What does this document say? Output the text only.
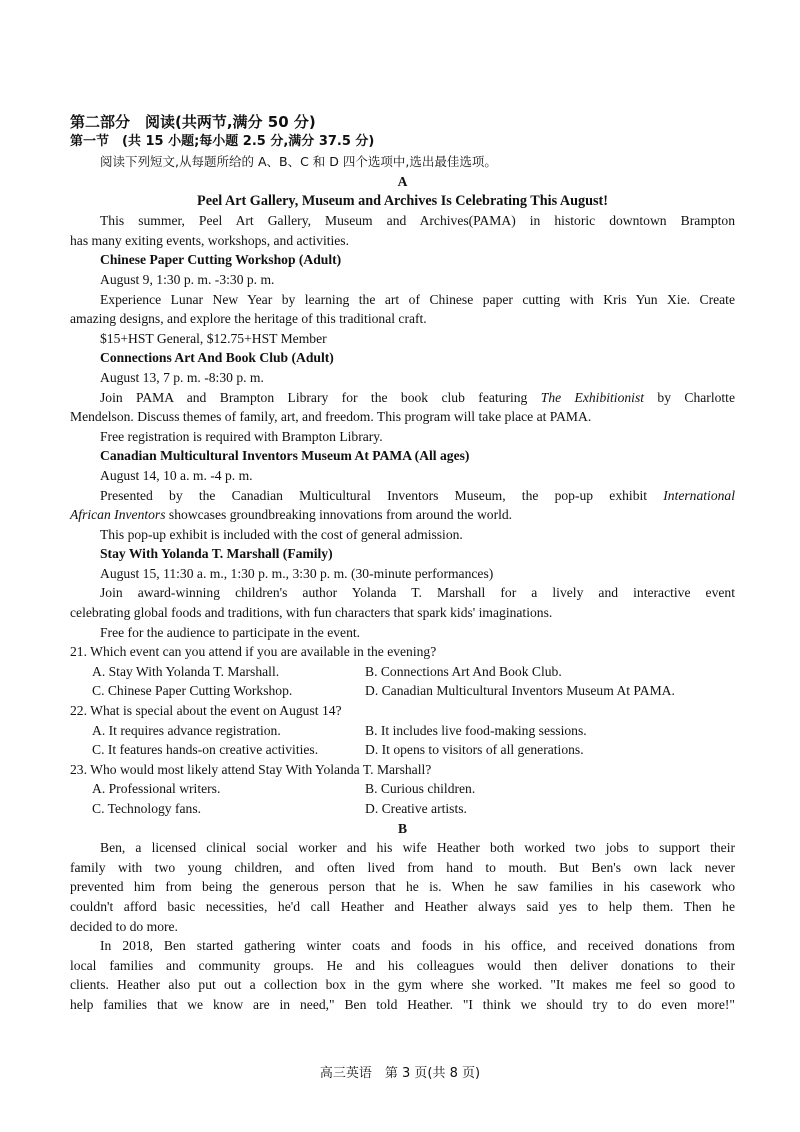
第二部分　阅读(共两节,满分 50 分)
第一节　(共 15 小题;每小题 2.5 分,满分 37.5 分)
阅读下列短文,从每题所给的 A、B、C 和 D 四个选项中,选出最佳选项。
A
Peel Art Gallery, Museum and Archives Is Celebrating This August!
This summer, Peel Art Gallery, Museum and Archives(PAMA) in historic downtown Brampton
has many exiting events, workshops, and activities.
Chinese Paper Cutting Workshop (Adult)
August 9, 1:30 p. m. -3:30 p. m.
Experience Lunar New Year by learning the art of Chinese paper cutting with Kris Yun Xie. Create
amazing designs, and explore the heritage of this traditional craft.
$15+HST General, $12.75+HST Member
Connections Art And Book Club (Adult)
August 13, 7 p. m. -8:30 p. m.
Join PAMA and Brampton Library for the book club featuring The Exhibitionist by Charlotte
Mendelson. Discuss themes of family, art, and freedom. This program will take place at PAMA.
Free registration is required with Brampton Library.
Canadian Multicultural Inventors Museum At PAMA (All ages)
August 14, 10 a. m. -4 p. m.
Presented by the Canadian Multicultural Inventors Museum, the pop-up exhibit International
African Inventors showcases groundbreaking innovations from around the world.
This pop-up exhibit is included with the cost of general admission.
Stay With Yolanda T. Marshall (Family)
August 15, 11:30 a. m., 1:30 p. m., 3:30 p. m. (30-minute performances)
Join award-winning children's author Yolanda T. Marshall for a lively and interactive event
celebrating global foods and traditions, with fun characters that spark kids' imaginations.
Free for the audience to participate in the event.
21. Which event can you attend if you are available in the evening?
A. Stay With Yolanda T. Marshall.	B. Connections Art And Book Club.
C. Chinese Paper Cutting Workshop.	D. Canadian Multicultural Inventors Museum At PAMA.
22. What is special about the event on August 14?
A. It requires advance registration.	B. It includes live food-making sessions.
C. It features hands-on creative activities.	D. It opens to visitors of all generations.
23. Who would most likely attend Stay With Yolanda T. Marshall?
A. Professional writers.	B. Curious children.
C. Technology fans.	D. Creative artists.
B
Ben, a licensed clinical social worker and his wife Heather both worked two jobs to support their
family with two young children, and often lived from hand to mouth. But Ben's own lack never
prevented him from being the generous person that he is. When he saw families in his casework who
couldn't afford basic necessities, he'd call Heather and Heather always said yes to help them. Then he
decided to do more.
In 2018, Ben started gathering winter coats and foods in his office, and received donations from
local families and community groups. He and his colleagues would then deliver donations to their
clients. Heather also put out a collection box in the gym where she worked. "It makes me feel so good to
help families that we know are in need," Ben told Heather. "I think we should try to do even more!"
高三英语　第 3 页(共 8 页)
